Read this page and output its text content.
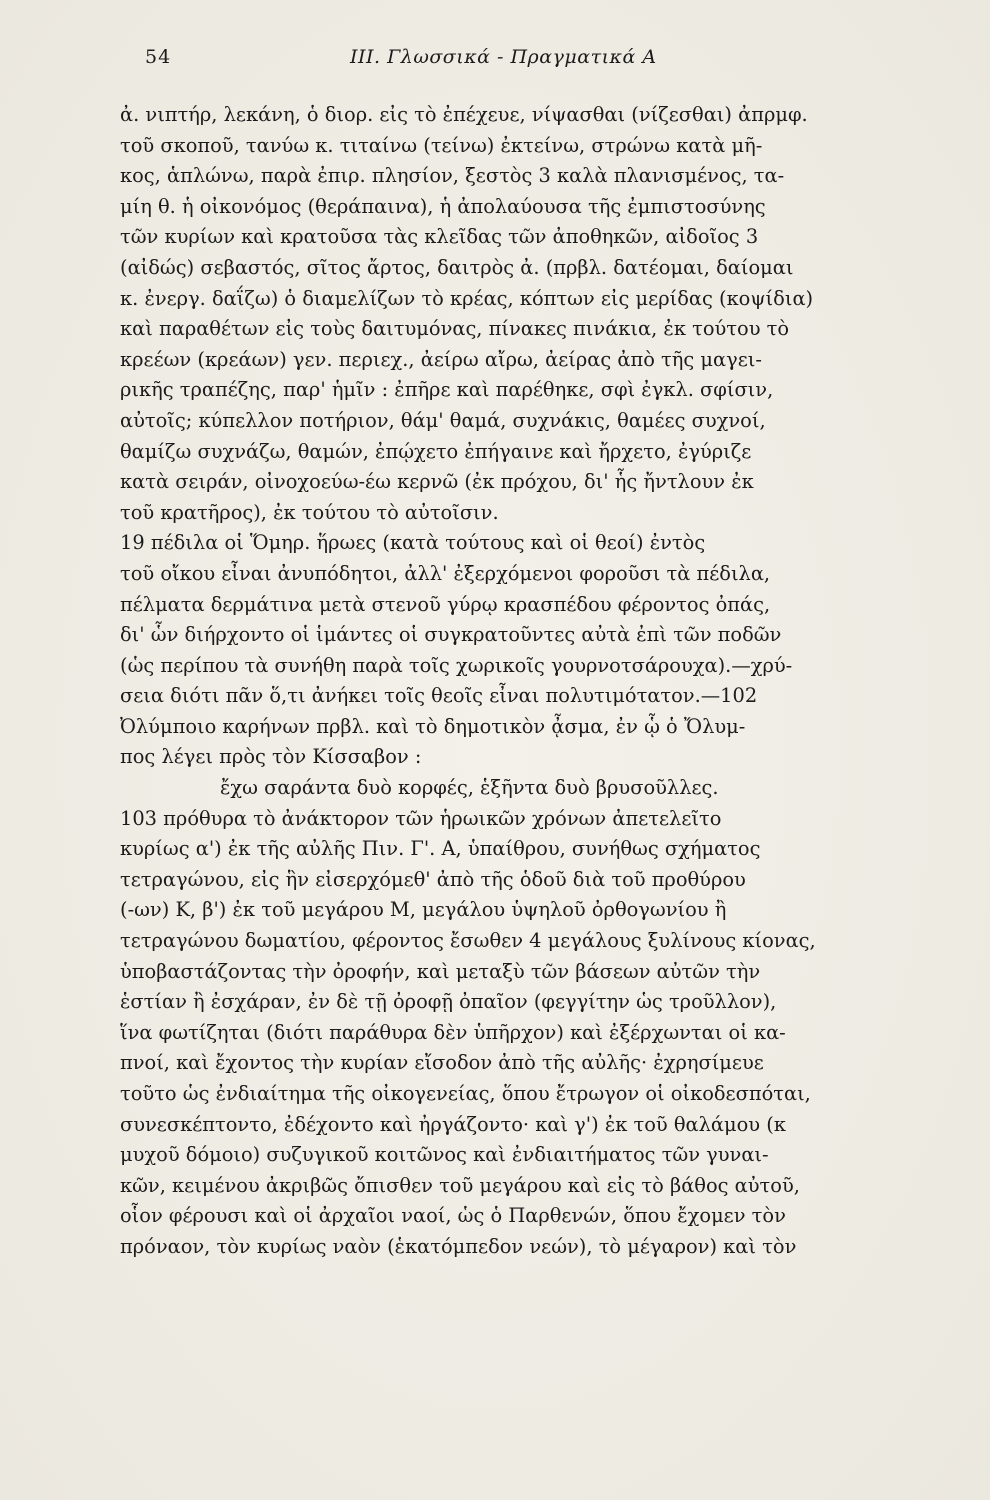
54	III. Γλωσσικά - Πραγματικά A
ἀ. νιπτήρ, λεκάνη, ὁ διορ. εἰς τὸ ἐπέχευε, νίψασθαι (νίζεσθαι) ἀπρμφ.
τοῦ σκοποῦ, τανύω κ. τιταίνω (τείνω) ἐκτείνω, στρώνω κατὰ μῆ-
κος, ἁπλώνω, παρὰ ἐπιρ. πλησίον, ξεστὸς 3 καλὰ πλανισμένος, τα-
μίη θ. ἡ οἰκονόμος (θεράπαινα), ἡ ἀπολαύουσα τῆς ἐμπιστοσύνης
τῶν κυρίων καὶ κρατοῦσα τὰς κλεῖδας τῶν ἀποθηκῶν, αἰδοῖος 3
(αἰδώς) σεβαστός, σῖτος ἄρτος, δαιτρὸς ἀ. (πρβλ. δατέομαι, δαίομαι
κ. ἐνεργ. δαΐζω) ὁ διαμελίζων τὸ κρέας, κόπτων εἰς μερίδας (κοψίδια)
καὶ παραθέτων εἰς τοὺς δαιτυμόνας, πίνακες πινάκια, ἐκ τούτου τὸ
κρεέων (κρεάων) γεν. περιεχ., ἀείρω αἴρω, ἀείρας ἀπὸ τῆς μαγει-
ρικῆς τραπέζης, παρ' ἡμῖν : ἐπῆρε καὶ παρέθηκε, σφὶ ἐγκλ. σφίσιν,
αὐτοῖς; κύπελλον ποτήριον, θάμ' θαμά, συχνάκις, θαμέες συχνοί,
θαμίζω συχνάζω, θαμών, ἐπῴχετο ἐπήγαινε καὶ ἤρχετο, ἐγύριζε
κατὰ σειράν, οἰνοχοεύω-έω κερνῶ (ἐκ πρόχου, δι' ἧς ἤντλουν ἐκ
τοῦ κρατῆρος), ἐκ τούτου τὸ αὐτοῖσιν.
19 πέδιλα οἱ Ὅμηρ. ἥρωες (κατὰ τούτους καὶ οἱ θεοί) ἐντὸς
τοῦ οἴκου εἶναι ἀνυπόδητοι, ἀλλ' ἐξερχόμενοι φοροῦσι τὰ πέδιλα,
πέλματα δερμάτινα μετὰ στενοῦ γύρῳ κρασπέδου φέροντος ὀπάς,
δι' ὧν διήρχοντο οἱ ἱμάντες οἱ συγκρατοῦντες αὐτὰ ἐπὶ τῶν ποδῶν
(ὡς περίπου τὰ συνήθη παρὰ τοῖς χωρικοῖς γουρνοτσάρουχα).—χρύ-
σεια διότι πᾶν ὅ,τι ἀνήκει τοῖς θεοῖς εἶναι πολυτιμότατον.—102
Ὀλύμποιο καρήνων πρβλ. καὶ τὸ δημοτικὸν ᾆσμα, ἐν ᾧ ὁ Ὄλυμ-
πος λέγει πρὸς τὸν Κίσσαβον :
ἔχω σαράντα δυὸ κορφές, ἑξῆντα δυὸ βρυσοῦλλες.
103 πρόθυρα τὸ ἀνάκτορον τῶν ἡρωικῶν χρόνων ἀπετελεῖτο
κυρίως α') ἐκ τῆς αὐλῆς Πιν. Γ'. Α, ὑπαίθρου, συνήθως σχήματος
τετραγώνου, εἰς ἣν εἰσερχόμεθ' ἀπὸ τῆς ὁδοῦ διὰ τοῦ προθύρου
(-ων) Κ, β') ἐκ τοῦ μεγάρου Μ, μεγάλου ὑψηλοῦ ὀρθογωνίου ἢ
τετραγώνου δωματίου, φέροντος ἔσωθεν 4 μεγάλους ξυλίνους κίονας,
ὑποβαστάζοντας τὴν ὀροφήν, καὶ μεταξὺ τῶν βάσεων αὐτῶν τὴν
ἑστίαν ἢ ἐσχάραν, ἐν δὲ τῇ ὀροφῇ ὀπαῖον (φεγγίτην ὡς τροῦλλον),
ἵνα φωτίζηται (διότι παράθυρα δὲν ὑπῆρχον) καὶ ἐξέρχωνται οἱ κα-
πνοί, καὶ ἔχοντος τὴν κυρίαν εἴσοδον ἀπὸ τῆς αὐλῆς· ἐχρησίμευε
τοῦτο ὡς ἐνδιαίτημα τῆς οἰκογενείας, ὅπου ἔτρωγον οἱ οἰκοδεσπόται,
συνεσκέπτοντο, ἐδέχοντο καὶ ἠργάζοντο· καὶ γ') ἐκ τοῦ θαλάμου (κ
μυχοῦ δόμοιο) συζυγικοῦ κοιτῶνος καὶ ἐνδιαιτήματος τῶν γυναι-
κῶν, κειμένου ἀκριβῶς ὄπισθεν τοῦ μεγάρου καὶ εἰς τὸ βάθος αὐτοῦ,
οἷον φέρουσι καὶ οἱ ἀρχαῖοι ναοί, ὡς ὁ Παρθενών, ὅπου ἔχομεν τὸν
πρόναον, τὸν κυρίως ναὸν (ἑκατόμπεδον νεών), τὸ μέγαρον) καὶ τὸν
